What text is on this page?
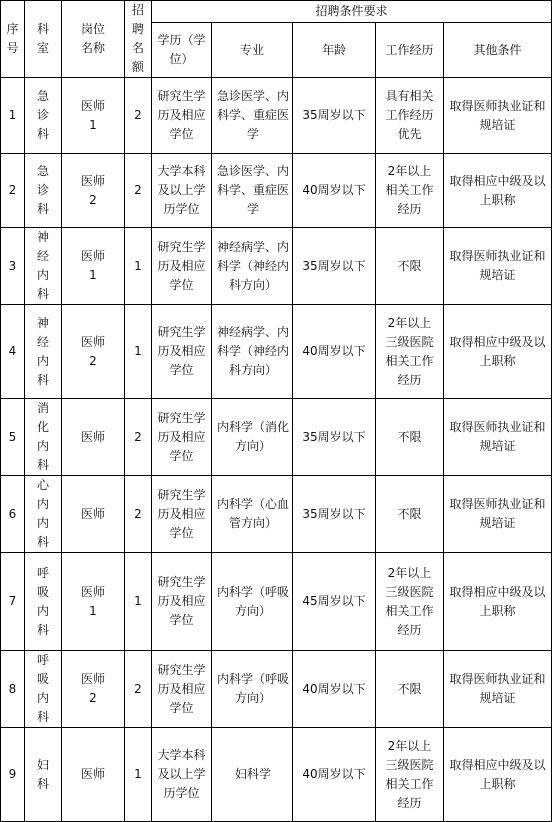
序号	科室	岗位名称	招聘名额	招聘条件要求				
				学历（学位）	专业	年龄	工作经历	其他条件
1	急诊科	医师1	2	研究生学历及相应学位	急诊医学、内科学、重症医学	35周岁以下	具有相关工作经历优先	取得医师执业证和规培证
2	急诊科	医师2	2	大学本科及以上学历学位	急诊医学、内科学、重症医学	40周岁以下	2年以上相关工作经历	取得相应中级及以上职称
3	神经内科	医师1	1	研究生学历及相应学位	神经病学、内科学（神经内科方向）	35周岁以下	不限	取得医师执业证和规培证
4	神经内科	医师2	1	研究生学历及相应学位	神经病学、内科学（神经内科方向）	40周岁以下	2年以上三级医院相关工作经历	取得相应中级及以上职称
5	消化内科	医师	2	研究生学历及相应学位	内科学（消化方向）	35周岁以下	不限	取得医师执业证和规培证
6	心内内科	医师	2	研究生学历及相应学位	内科学（心血管方向）	35周岁以下	不限	取得医师执业证和规培证
7	呼吸内科	医师1	1	研究生学历及相应学位	内科学（呼吸方向）	45周岁以下	2年以上三级医院相关工作经历	取得相应中级及以上职称
8	呼吸内科	医师2	2	研究生学历及相应学位	内科学（呼吸方向）	40周岁以下	不限	取得医师执业证和规培证
9	妇科	医师	1	大学本科及以上学历学位	妇科学	40周岁以下	2年以上三级医院相关工作经历	取得相应中级及以上职称
